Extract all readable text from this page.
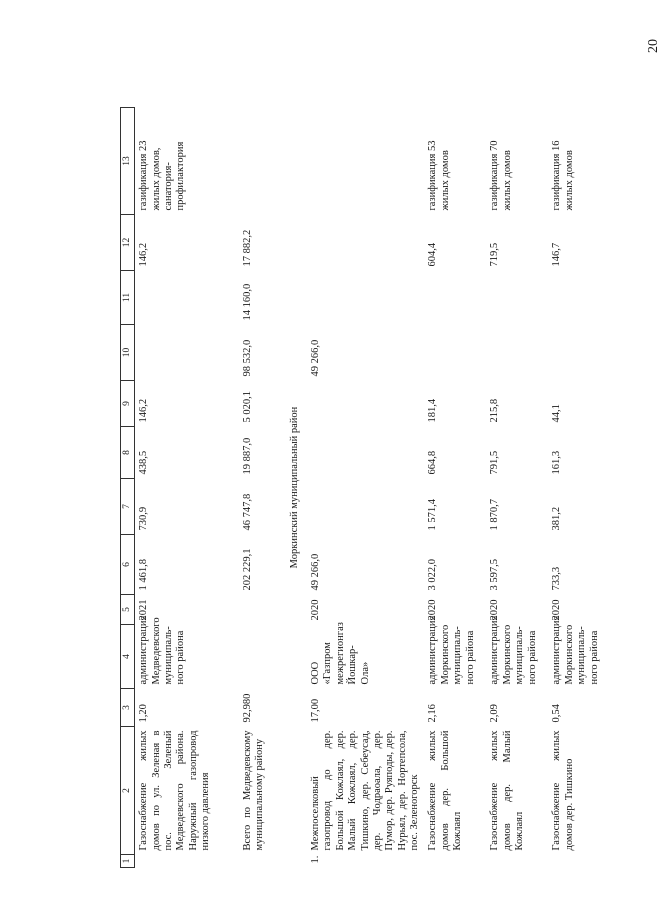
20
1	2	3	4	5	6	7	8	9	10	11	12	13
	Газоснабжение жилых домов по ул. Зеленая в пос. Зеленый Медведевского района. Наружный газопровод низкого давления	1,20	администрация Медведевского муниципаль-ного района	2021	1 461,8	730,9	438,5	146,2			146,2	газификация 23 жилых домов, санатория-профилактория
	Всего по Медведевскому муниципальному району	92,980			202 229,1	46 747,8	19 887,0	5 020,1	98 532,0	14 160,0	17 882,2	
Моркинский муниципальный район												
1.	Межпоселковый газопровод до дер. Большой Кожлаял, дер. Малый Кожлаял, дер. Тишкино, дер. Себеусад, дер. Чодраоала, дер. Пумор, дер. Руяподы, дер. Нурьял, дер. Нортепсола, пос. Зеленогорск	17,00	ООО «Газпром межрегионгаз Йошкар-Ола»	2020	49 266,0				49 266,0			
	Газоснабжение жилых домов дер. Большой Кожлаял	2,16	администрация Моркинского муниципаль-ного района	2020	3 022,0	1 571,4	664,8	181,4			604,4	газификация 53 жилых домов
	Газоснабжение жилых домов дер. Малый Кожлаял	2,09	администрация Моркинского муниципаль-ного района	2020	3 597,5	1 870,7	791,5	215,8			719,5	газификация 70 жилых домов
	Газоснабжение жилых домов дер. Тишкино	0,54	администрация Моркинского муниципаль-ного района	2020	733,3	381,2	161,3	44,1			146,7	газификация 16 жилых домов
